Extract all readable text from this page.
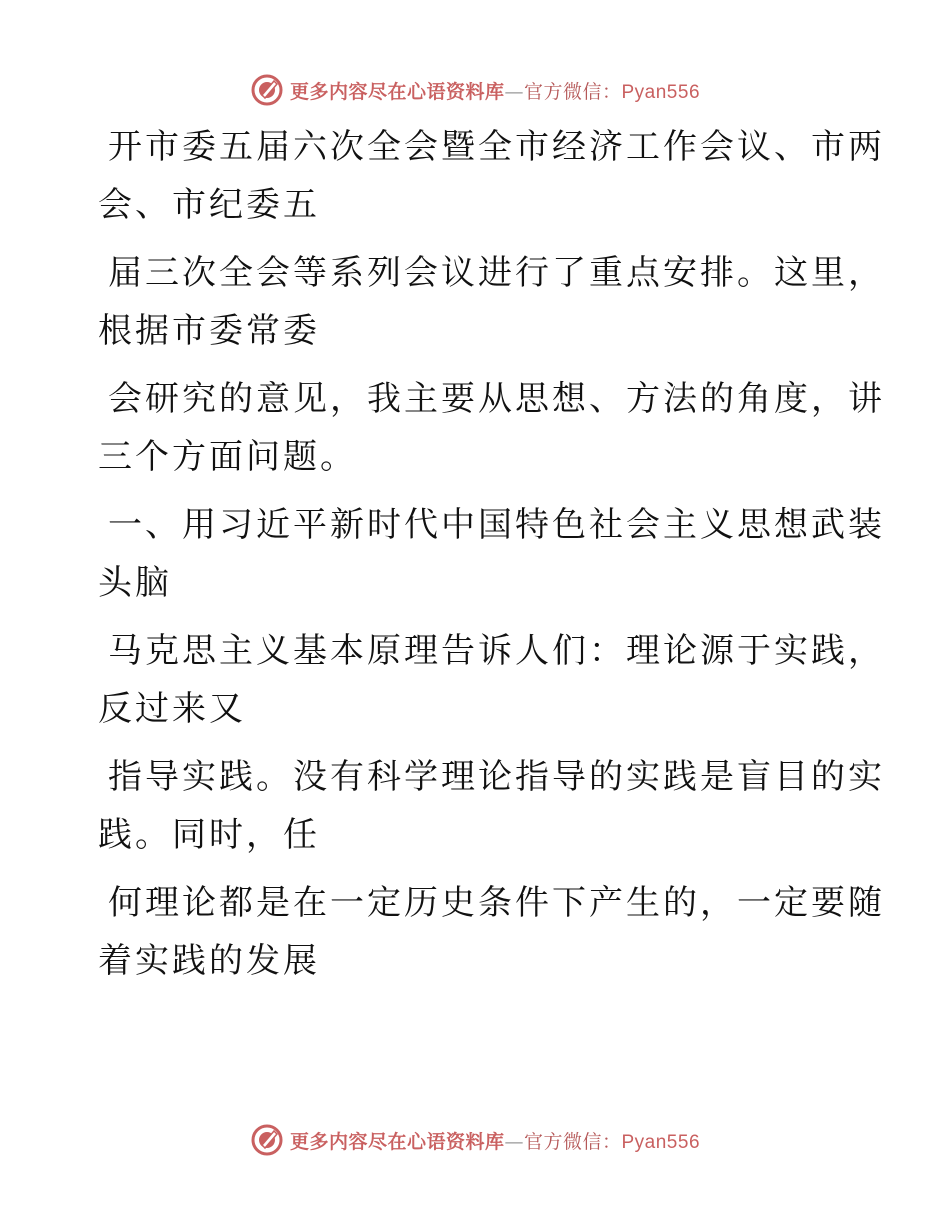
更多内容尽在心语资料库 — 官方微信： Pyan556

开市委五届六次全会暨全市经济工作会议、市两
会、市纪委五

届三次全会等系列会议进行了重点安排。这里，
根据市委常委

会研究的意见，我主要从思想、方法的角度，讲
三个方面问题。

一、用习近平新时代中国特色社会主义思想武装
头脑

马克思主义基本原理告诉人们：理论源于实践，
反过来又

指导实践。没有科学理论指导的实践是盲目的实
践。同时，任

何理论都是在一定历史条件下产生的，一定要随
着实践的发展

更多内容尽在心语资料库 — 官方微信： Pyan556
